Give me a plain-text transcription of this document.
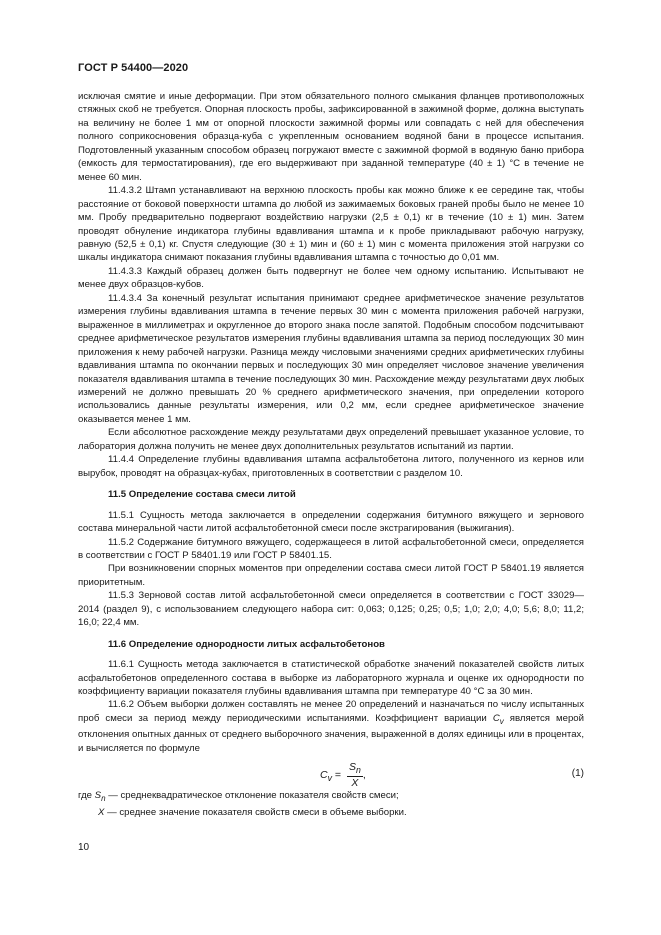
ГОСТ Р 54400—2020

исключая смятие и иные деформации. При этом обязательного полного смыкания фланцев противоположных стяжных скоб не требуется. Опорная плоскость пробы, зафиксированной в зажимной форме, должна выступать на величину не более 1 мм от опорной плоскости зажимной формы или совпадать с ней для обеспечения полного соприкосновения образца-куба с укрепленным основанием водяной бани в процессе испытания. Подготовленный указанным способом образец погружают вместе с зажимной формой в водяную баню прибора (емкость для термостатирования), где его выдерживают при заданной температуре (40 ± 1) °С в течение не менее 60 мин.

11.4.3.2 Штамп устанавливают на верхнюю плоскость пробы как можно ближе к ее середине так, чтобы расстояние от боковой поверхности штампа до любой из зажимаемых боковых граней пробы было не менее 10 мм. Пробу предварительно подвергают воздействию нагрузки (2,5 ± 0,1) кг в течение (10 ± 1) мин. Затем проводят обнуление индикатора глубины вдавливания штампа и к пробе прикладывают рабочую нагрузку, равную (52,5 ± 0,1) кг. Спустя следующие (30 ± 1) мин и (60 ± 1) мин с момента приложения этой нагрузки со шкалы индикатора снимают показания глубины вдавливания штампа с точностью до 0,01 мм.

11.4.3.3 Каждый образец должен быть подвергнут не более чем одному испытанию. Испытывают не менее двух образцов-кубов.

11.4.3.4 За конечный результат испытания принимают среднее арифметическое значение результатов измерения глубины вдавливания штампа в течение первых 30 мин с момента приложения рабочей нагрузки, выраженное в миллиметрах и округленное до второго знака после запятой. Подобным способом подсчитывают среднее арифметическое результатов измерения глубины вдавливания штампа за период последующих 30 мин приложения к нему рабочей нагрузки. Разница между числовыми значениями средних арифметических глубины вдавливания штампа по окончании первых и последующих 30 мин определяет числовое значение увеличения показателя вдавливания штампа в течение последующих 30 мин. Расхождение между результатами двух любых измерений не должно превышать 20 % среднего арифметического значения, при определении которого использовались данные результаты измерения, или 0,2 мм, если среднее арифметическое значение оказывается менее 1 мм.

Если абсолютное расхождение между результатами двух определений превышает указанное условие, то лаборатория должна получить не менее двух дополнительных результатов испытаний из партии.

11.4.4 Определение глубины вдавливания штампа асфальтобетона литого, полученного из кернов или вырубок, проводят на образцах-кубах, приготовленных в соответствии с разделом 10.

11.5 Определение состава смеси литой

11.5.1 Сущность метода заключается в определении содержания битумного вяжущего и зернового состава минеральной части литой асфальтобетонной смеси после экстрагирования (выжигания).

11.5.2 Содержание битумного вяжущего, содержащееся в литой асфальтобетонной смеси, определяется в соответствии с ГОСТ Р 58401.19 или ГОСТ Р 58401.15.

При возникновении спорных моментов при определении состава смеси литой ГОСТ Р 58401.19 является приоритетным.

11.5.3 Зерновой состав литой асфальтобетонной смеси определяется в соответствии с ГОСТ 33029—2014 (раздел 9), с использованием следующего набора сит: 0,063; 0,125; 0,25; 0,5; 1,0; 2,0; 4,0; 5,6; 8,0; 11,2; 16,0; 22,4 мм.

11.6 Определение однородности литых асфальтобетонов

11.6.1 Сущность метода заключается в статистической обработке значений показателей свойств литых асфальтобетонов определенного состава в выборке из лабораторного журнала и оценке их однородности по коэффициенту вариации показателя глубины вдавливания штампа при температуре 40 °С за 30 мин.

11.6.2 Объем выборки должен составлять не менее 20 определений и назначаться по числу испытанных проб смеси за период между периодическими испытаниями. Коэффициент вариации $C_v$ является мерой отклонения опытных данных от среднего выборочного значения, выраженной в долях единицы или в процентах, и вычисляется по формуле

$C_v = \frac{S_n}{X}$ ,	(1)

где $S_n$ — среднеквадратическое отклонение показателя свойств смеси;

X — среднее значение показателя свойств смеси в объеме выборки.

10
